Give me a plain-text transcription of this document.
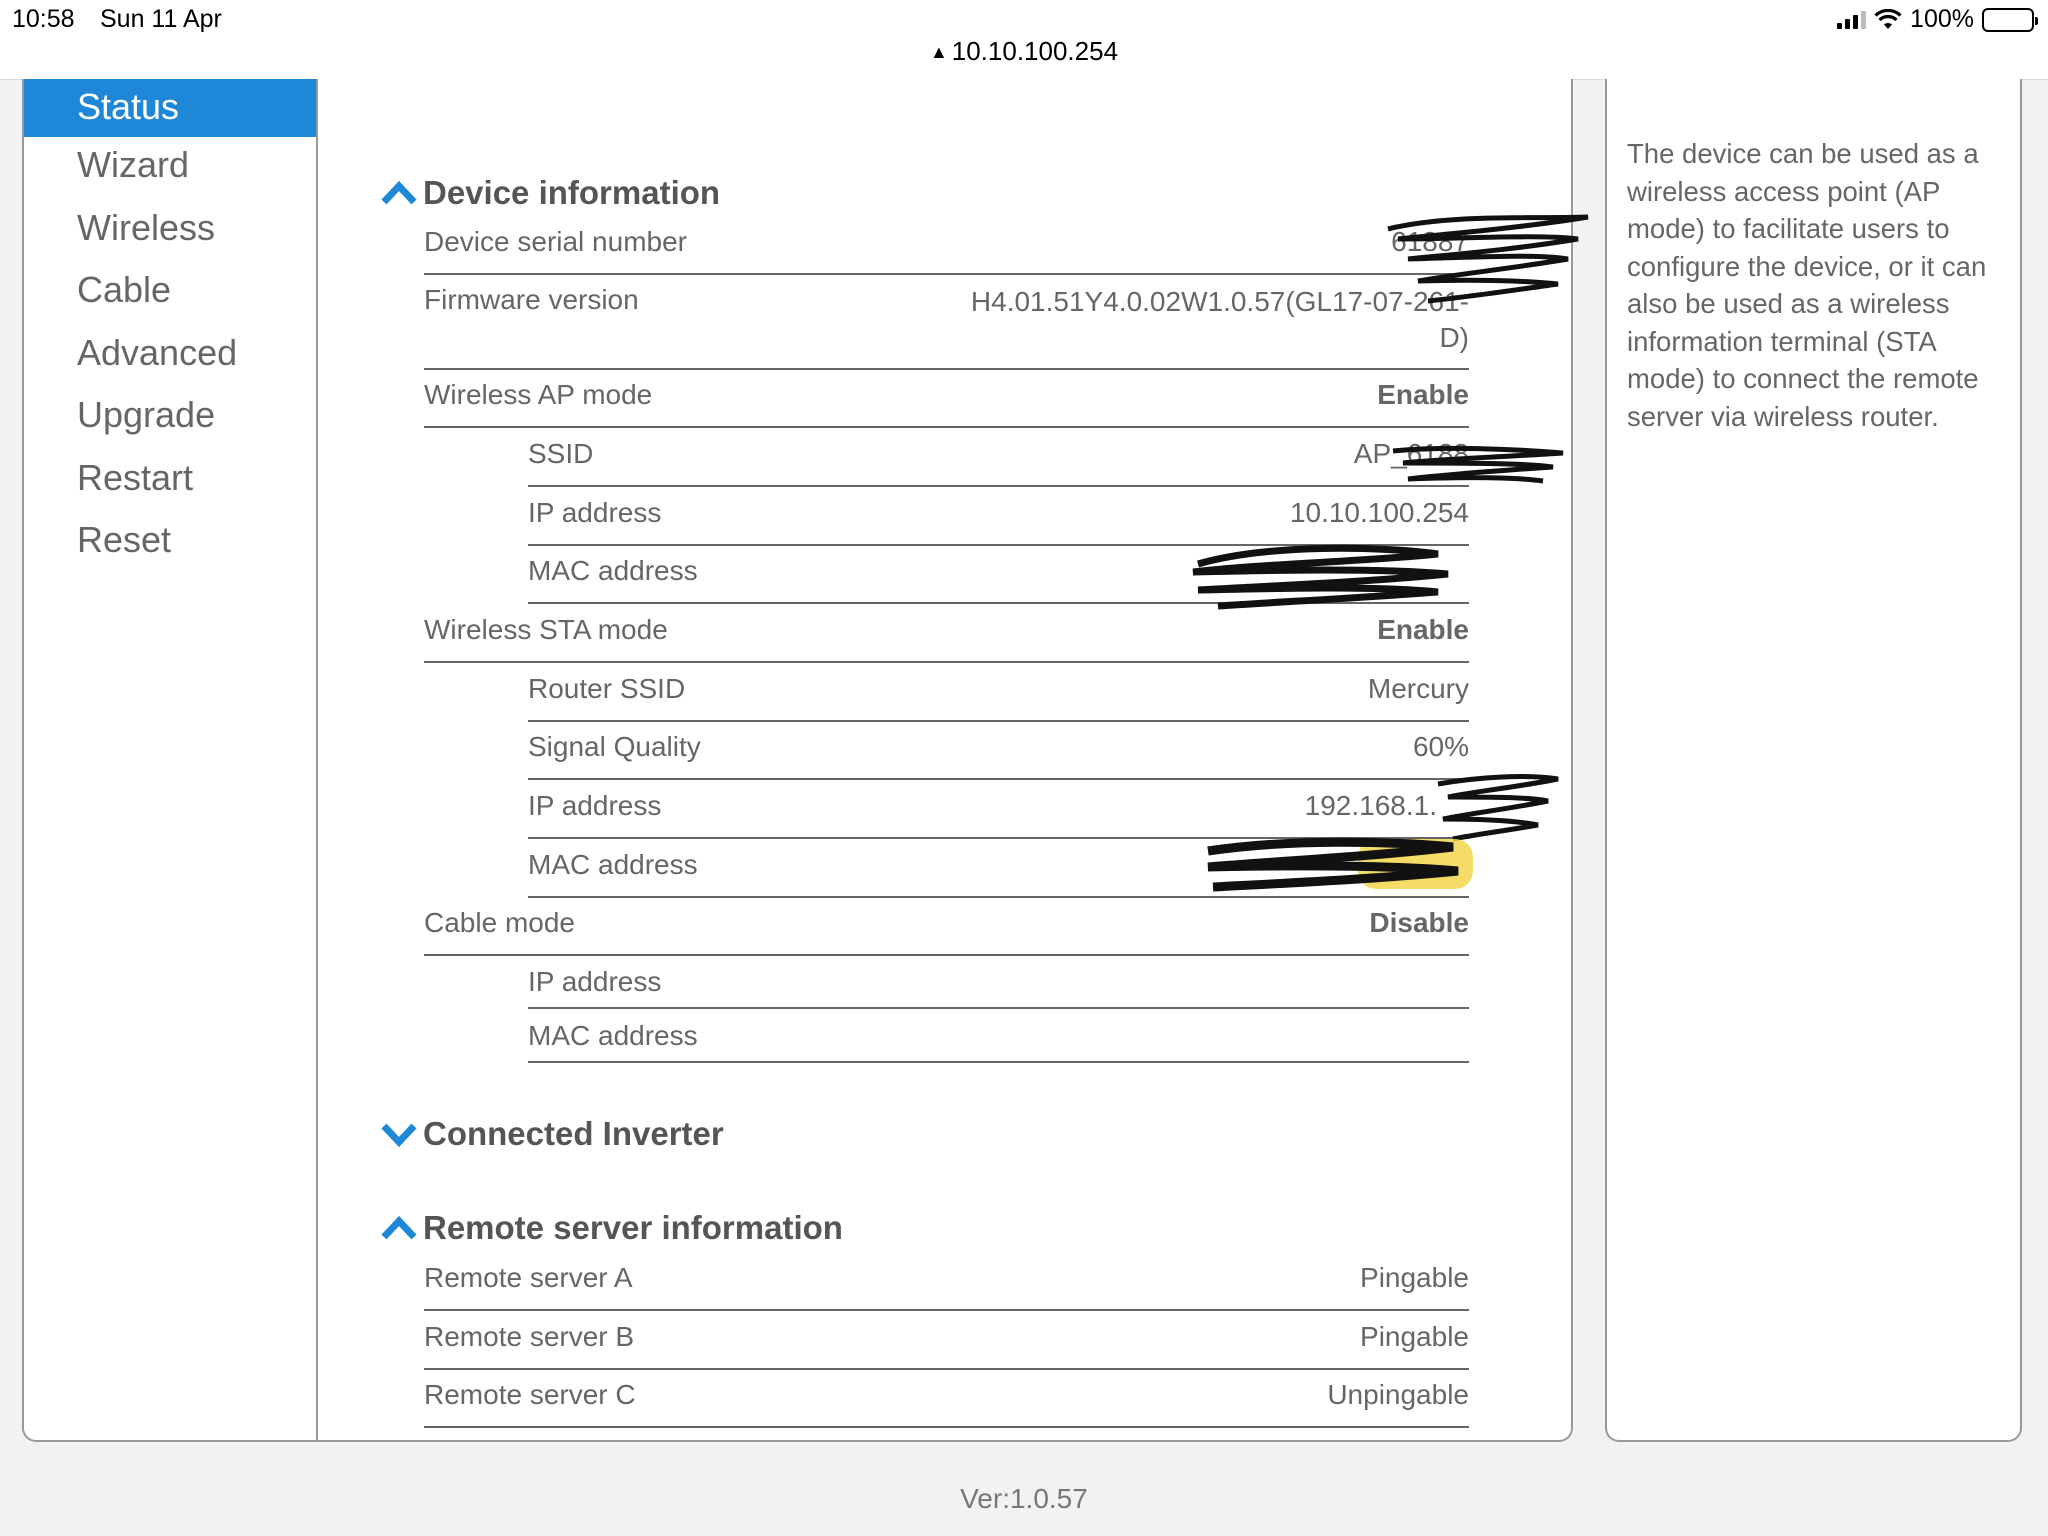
10:58 Sun 11 Apr	100%
▲ 10.10.100.254
Status
Wizard
Wireless
Cable
Advanced
Upgrade
Restart
Reset
Device information
Device serial number	61887
Firmware version	H4.01.51Y4.0.02W1.0.57(GL17-07-261-
D)
Wireless AP mode	Enable
SSID	AP_6188
IP address	10.10.100.254
MAC address
Wireless STA mode	Enable
Router SSID	Mercury
Signal Quality	60%
IP address	192.168.1.
MAC address
Cable mode	Disable
IP address
MAC address
Connected Inverter
Remote server information
Remote server A	Pingable
Remote server B	Pingable
Remote server C	Unpingable

The device can be used as a wireless access point (AP mode) to facilitate users to configure the device, or it can also be used as a wireless information terminal (STA mode) to connect the remote server via wireless router.

Ver:1.0.57
